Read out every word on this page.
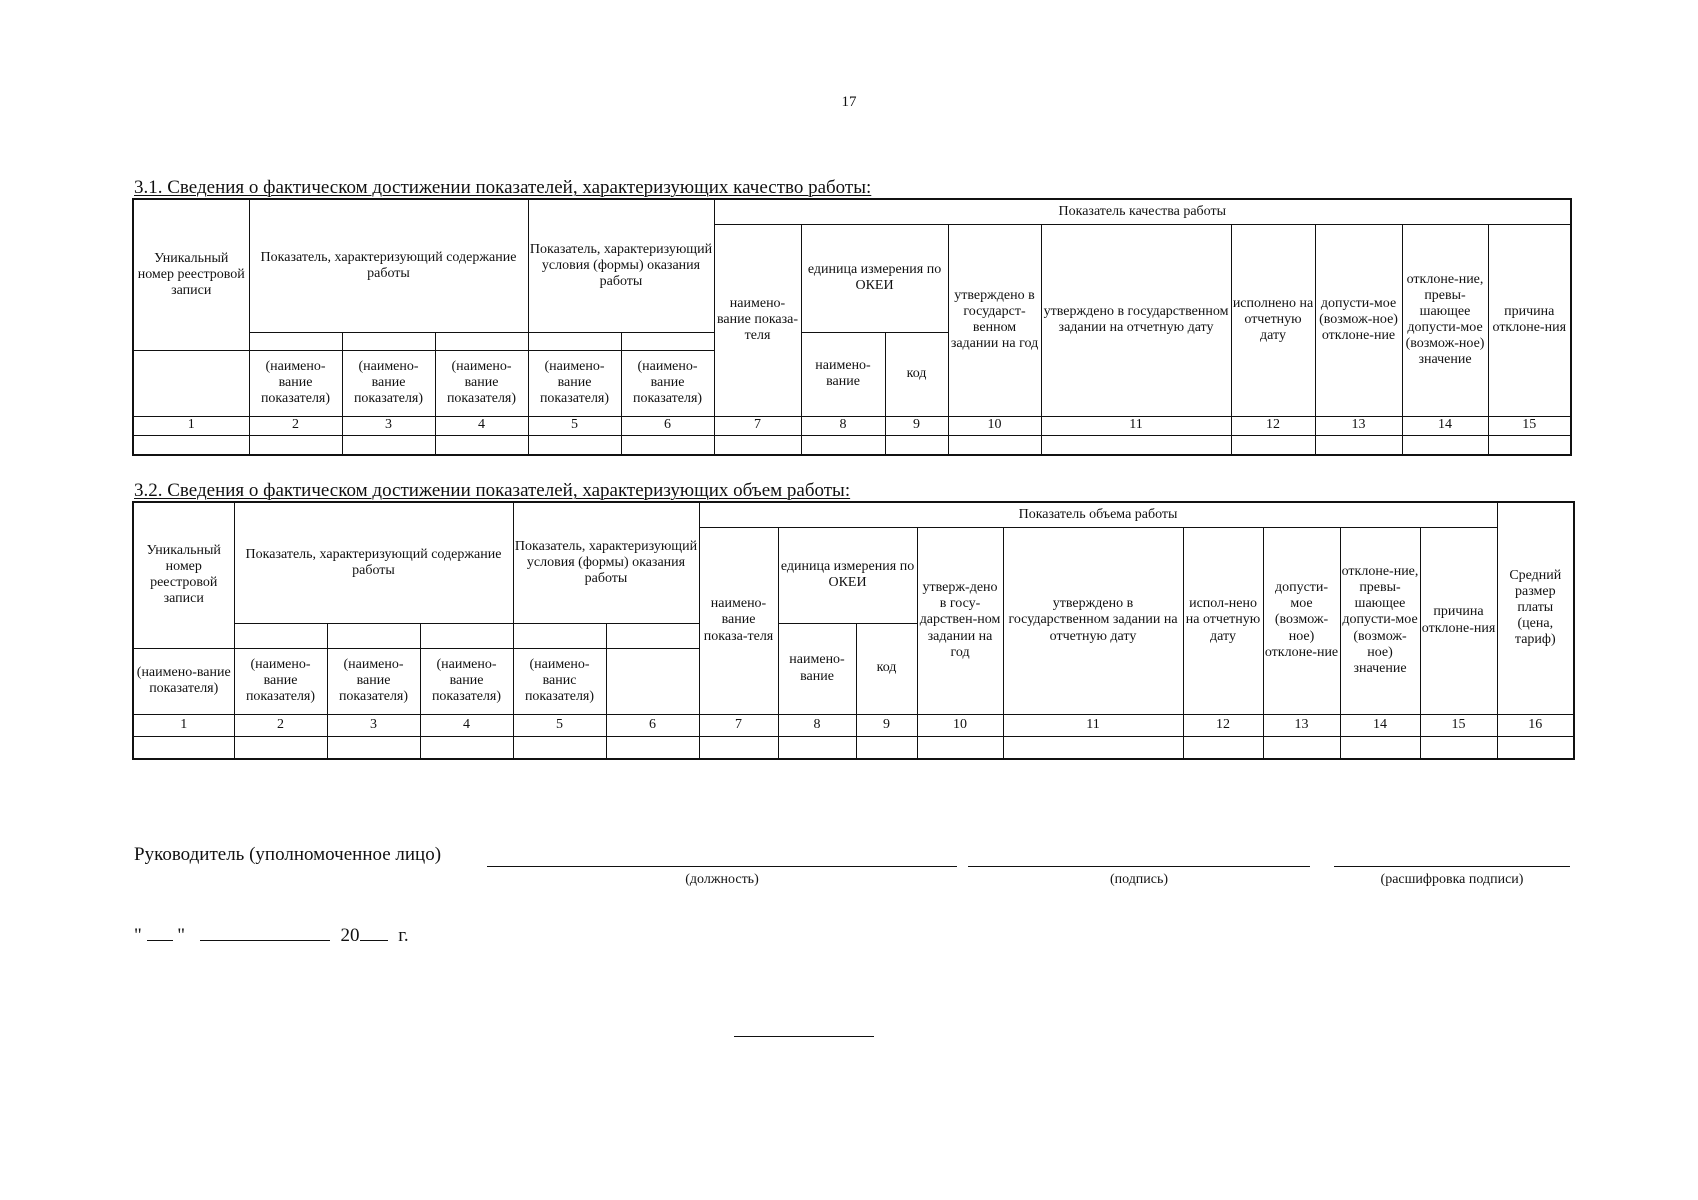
17
3.1. Сведения о фактическом достижении показателей, характеризующих качество работы:
Уникальный номер реестровой записи	Показатель, характеризующий содержание работы			Показатель, характеризующий условия (формы) оказания работы		Показатель качества работы								
						наимено-вание показа-теля	единица измерения по ОКЕИ		утверждено в государст-венном задании на год	утверждено в государственном задании на отчетную дату	исполнено на отчетную дату	допусти-мое (возмож-ное) отклоне-ние	отклоне-ние, превы-шающее допусти-мое (возмож-ное) значение	причина отклоне-ния
							наимено-вание	код						
	(наимено-вание показателя)	(наимено-вание показателя)	(наимено-вание показателя)	(наимено-вание показателя)	(наимено-вание показателя)									
1	2	3	4	5	6	7	8	9	10	11	12	13	14	15

3.2. Сведения о фактическом достижении показателей, характеризующих объем работы:
Уникальный номер реестровой записи	Показатель, характеризующий содержание работы			Показатель, характеризующий условия (формы) оказания работы		Показатель объема работы									Средний размер платы (цена, тариф)
						наимено-вание показа-теля	единица измерения по ОКЕИ		утверж-дено в госу-дарствен-ном задании на год	утверждено в государственном задании на отчетную дату	испол-нено на отчетную дату	допусти-мое (возмож-ное) отклоне-ние	отклоне-ние, превы-шающее допусти-мое (возмож-ное) значение	причина отклоне-ния	
							наимено-вание	код							
(наимено-вание показателя)	(наимено-вание показателя)	(наимено-вание показателя)	(наимено-вание показателя)	(наимено-ванис показателя)											
1	2	3	4	5	6	7	8	9	10	11	12	13	14	15	16

Руководитель (уполномоченное лицо)
(должность)	(подпись)	(расшифровка подписи)
" "	20 г.
